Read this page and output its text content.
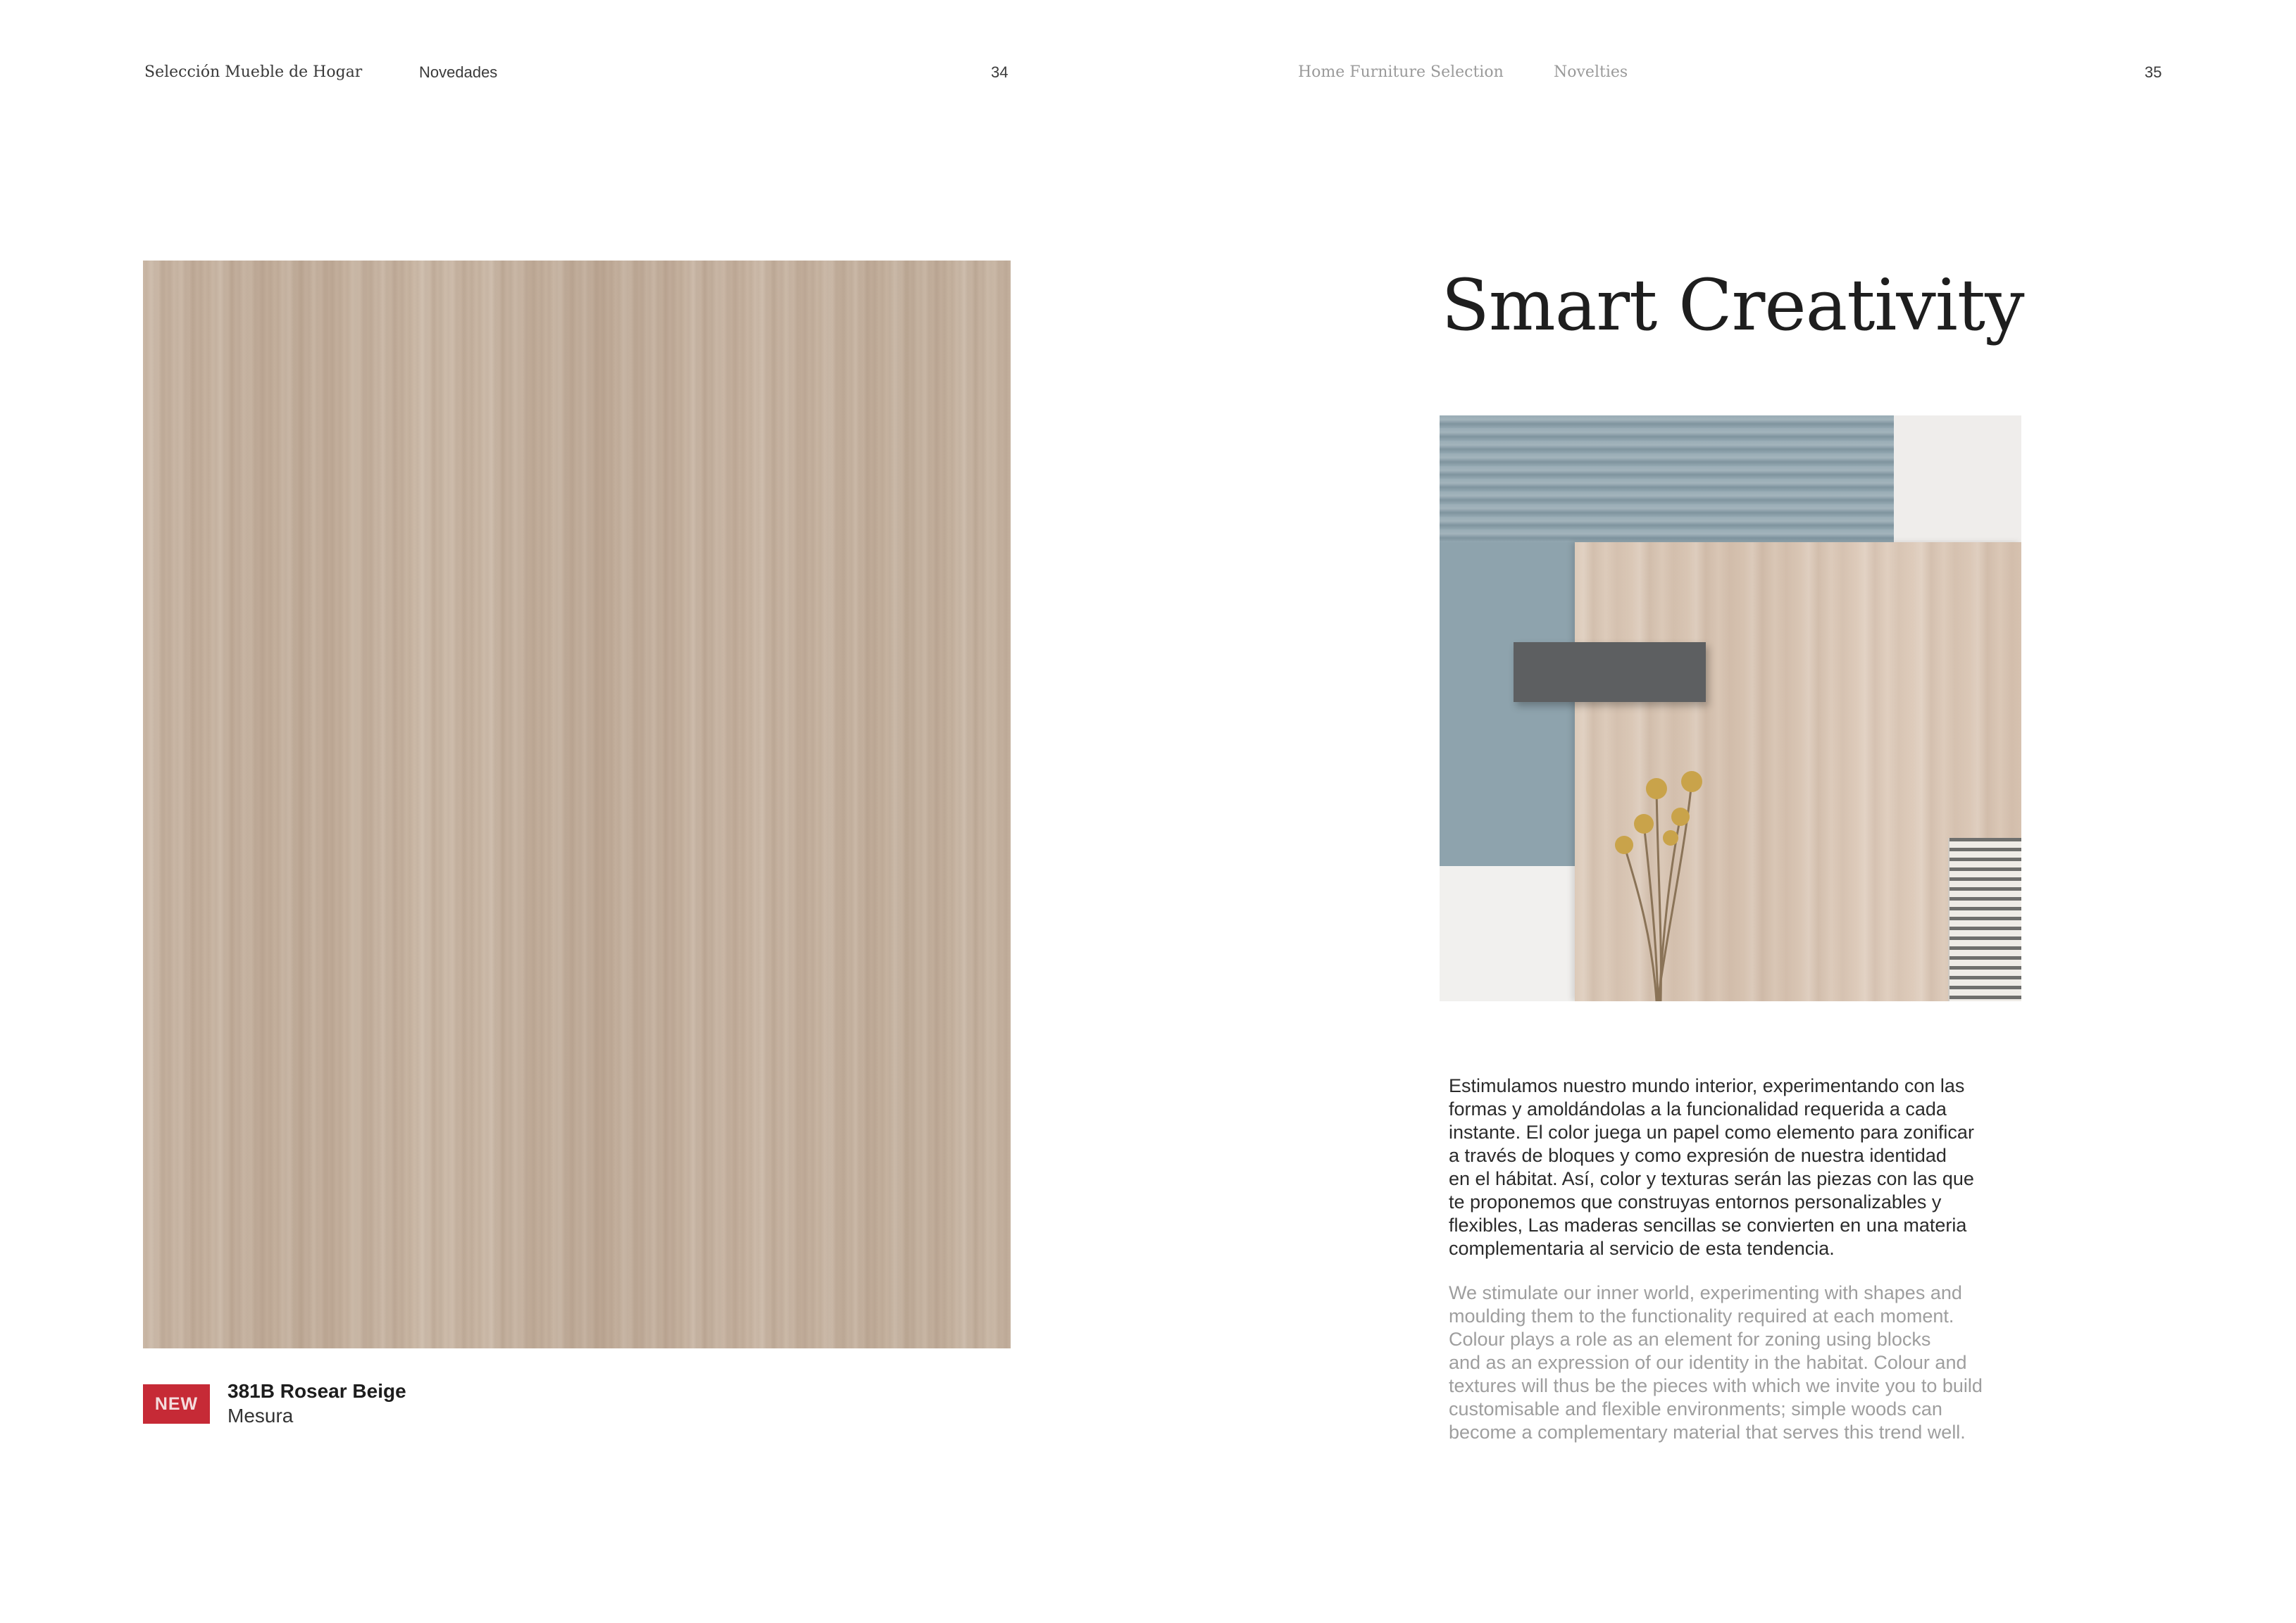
Selección Mueble de Hogar	Novedades	34	Home Furniture Selection	Novelties	35
NEW
381B Rosear Beige
Mesura
Smart Creativity
Estimulamos nuestro mundo interior, experimentando con las
formas y amoldándolas a la funcionalidad requerida a cada
instante. El color juega un papel como elemento para zonificar
a través de bloques y como expresión de nuestra identidad
en el hábitat. Así, color y texturas serán las piezas con las que
te proponemos que construyas entornos personalizables y
flexibles, Las maderas sencillas se convierten en una materia
complementaria al servicio de esta tendencia.
We stimulate our inner world, experimenting with shapes and
moulding them to the functionality required at each moment.
Colour plays a role as an element for zoning using blocks
and as an expression of our identity in the habitat. Colour and
textures will thus be the pieces with which we invite you to build
customisable and flexible environments; simple woods can
become a complementary material that serves this trend well.
